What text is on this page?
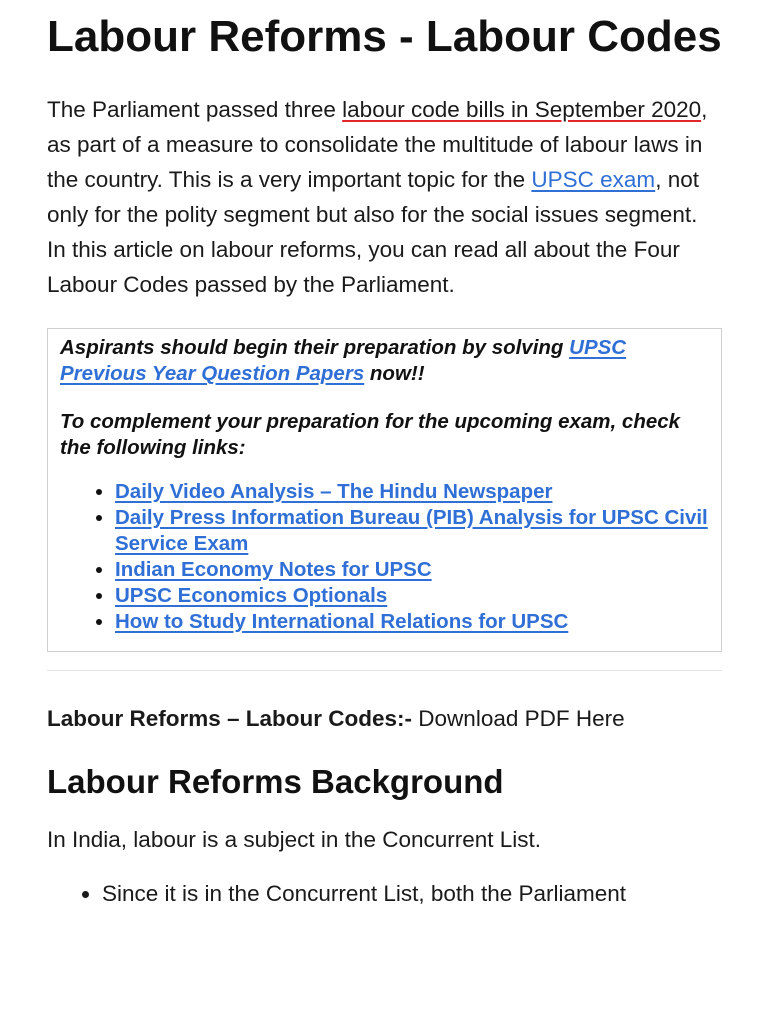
Labour Reforms - Labour Codes

The Parliament passed three labour code bills in September 2020, as part of a measure to consolidate the multitude of labour laws in the country. This is a very important topic for the UPSC exam, not only for the polity segment but also for the social issues segment. In this article on labour reforms, you can read all about the Four Labour Codes passed by the Parliament.

Aspirants should begin their preparation by solving UPSC Previous Year Question Papers now!!

To complement your preparation for the upcoming exam, check the following links:

• Daily Video Analysis – The Hindu Newspaper
• Daily Press Information Bureau (PIB) Analysis for UPSC Civil Service Exam
• Indian Economy Notes for UPSC
• UPSC Economics Optionals
• How to Study International Relations for UPSC

Labour Reforms – Labour Codes:- Download PDF Here

Labour Reforms Background

In India, labour is a subject in the Concurrent List.

• Since it is in the Concurrent List, both the Parliament
